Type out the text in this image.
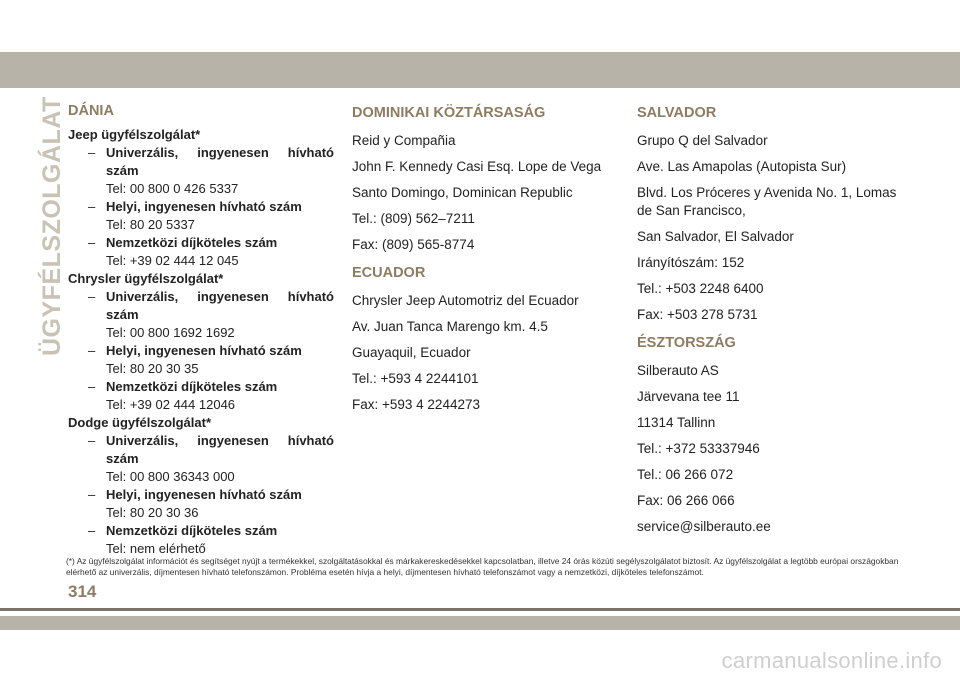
ÜGYFÉLSZOLGÁLAT DÁNIA
Jeep ügyfélszolgálat*
– Univerzális, ingyenesen hívható szám
Tel: 00 800 0 426 5337
– Helyi, ingyenesen hívható szám
Tel: 80 20 5337
– Nemzetközi díjköteles szám
Tel: +39 02 444 12 045
Chrysler ügyfélszolgálat*
– Univerzális, ingyenesen hívható szám
Tel: 00 800 1692 1692
– Helyi, ingyenesen hívható szám
Tel: 80 20 30 35
– Nemzetközi díjköteles szám
Tel: +39 02 444 12046
Dodge ügyfélszolgálat*
– Univerzális, ingyenesen hívható szám
Tel: 00 800 36343 000
– Helyi, ingyenesen hívható szám
Tel: 80 20 30 36
– Nemzetközi díjköteles szám
Tel: nem elérhető
DOMINIKAI KÖZTÁRSASÁG
Reid y Compañia
John F. Kennedy Casi Esq. Lope de Vega
Santo Domingo, Dominican Republic
Tel.: (809) 562–7211
Fax: (809) 565-8774
ECUADOR
Chrysler Jeep Automotriz del Ecuador
Av. Juan Tanca Marengo km. 4.5
Guayaquil, Ecuador
Tel.: +593 4 2244101
Fax: +593 4 2244273
SALVADOR
Grupo Q del Salvador
Ave. Las Amapolas (Autopista Sur)
Blvd. Los Próceres y Avenida No. 1, Lomas de San Francisco,
San Salvador, El Salvador
Irányítószám: 152
Tel.: +503 2248 6400
Fax: +503 278 5731
ÉSZTORSZÁG
Silberauto AS
Järvevana tee 11
11314 Tallinn
Tel.: +372 53337946
Tel.: 06 266 072
Fax: 06 266 066
service@silberauto.ee
(*) Az ügyfélszolgálat információt és segítséget nyújt a termékekkel, szolgáltatásokkal és márkakereskedésekkel kapcsolatban, illetve 24 órás közúti segélyszolgálatot biztosít. Az ügyfélszolgálat a legtöbb európai országokban elérhető az univerzális, díjmentesen hívható telefonszámon. Probléma esetén hívja a helyi, díjmentesen hívható telefonszámot vagy a nemzetközi, díjköteles telefonszámot.
314
carmanualsonline.info
